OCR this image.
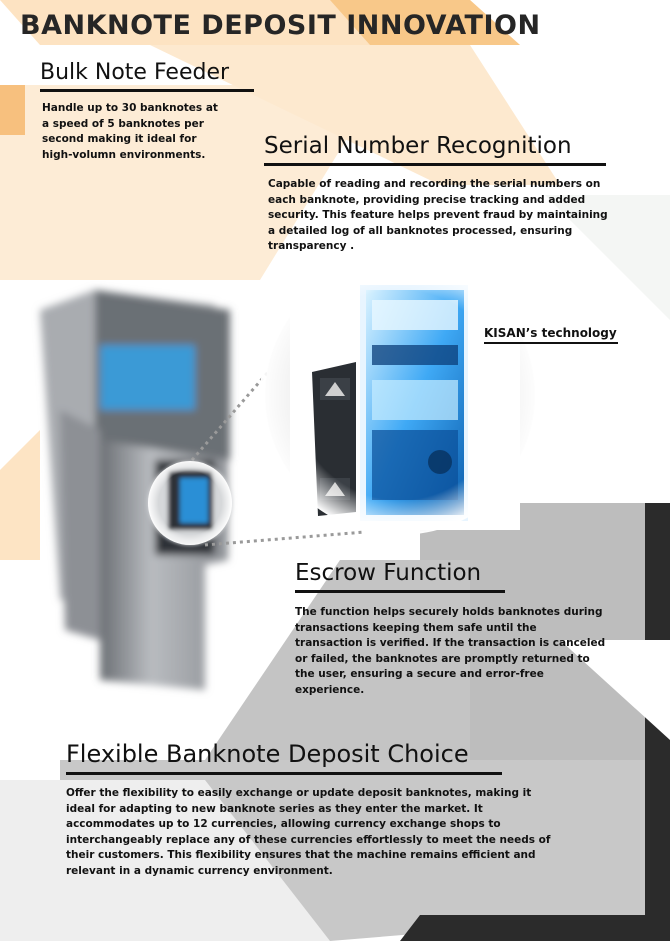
BANKNOTE DEPOSIT INNOVATION
Bulk Note Feeder

Handle up to 30 banknotes at a speed of 5 banknotes per second making it ideal for high-volumn environments.	Serial Number Recognition

Capable of reading and recording the serial numbers on each banknote, providing precise tracking and added security. This feature helps prevent fraud by maintaining a detailed log of all banknotes processed, ensuring transparency .

KISAN’s technology
Escrow Function

The function helps securely holds banknotes during transactions keeping them safe until the transaction is verified. If the transaction is canceled or failed, the banknotes are promptly returned to the user, ensuring a secure and error-free experience.

Flexible Banknote Deposit Choice

Offer the flexibility to easily exchange or update deposit banknotes, making it ideal for adapting to new banknote series as they enter the market. It accommodates up to 12 currencies, allowing currency exchange shops to interchangeably replace any of these currencies effortlessly to meet the needs of their customers. This flexibility ensures that the machine remains efficient and relevant in a dynamic currency environment.
